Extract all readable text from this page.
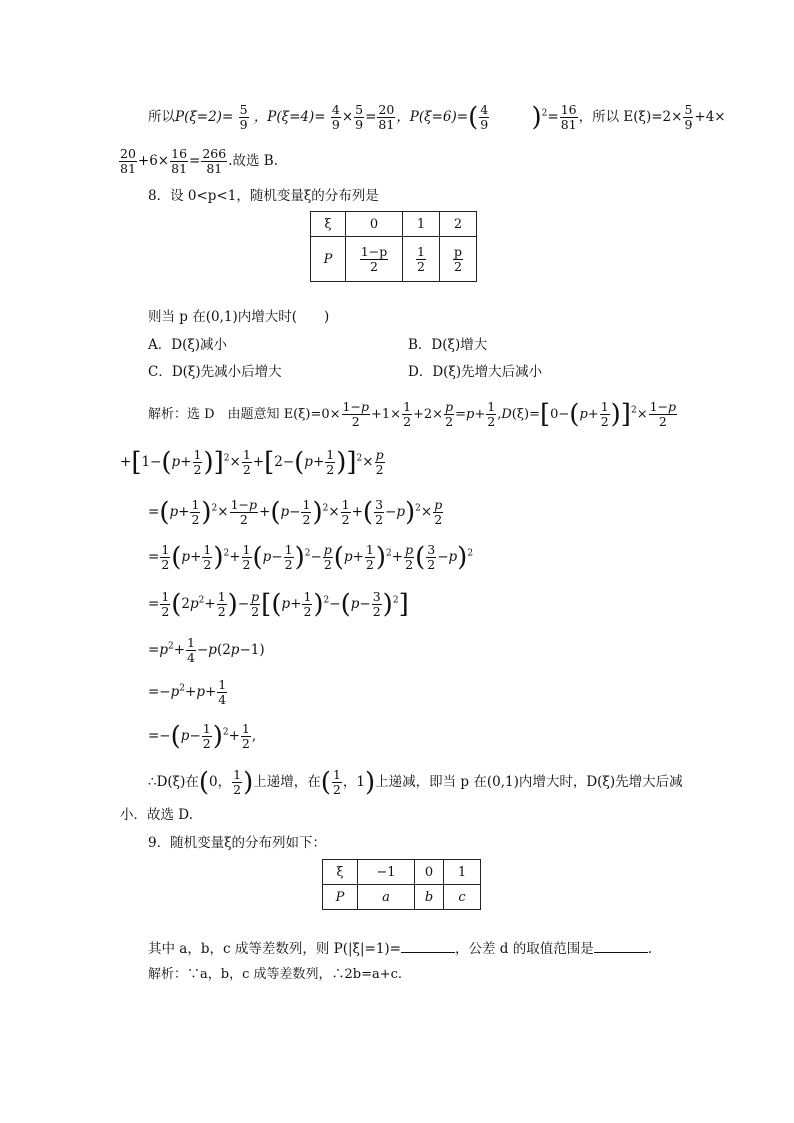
所以$P(\xi=2)= \frac{5}{9}$ ，$P(\xi=4)= \frac{4}{9} \times \frac{5}{9} = \frac{20}{81}$ ，$P(\xi=6)=( \frac{4}{9} )^2= \frac{16}{81}$ ，所以 $E(\xi)=2\times \frac{5}{9} +4\times$
$\frac{20}{81} +6\times \frac{16}{81} = \frac{266}{81}$ .故选 B.
8．设 0<p<1，随机变量ξ的分布列是
ξ	0	1	2
P	$\frac{1-p}{2}$	$\frac{1}{2}$	$\frac{p}{2}$
则当 p 在(0,1)内增大时(　　)
A．D(ξ)减小	B．D(ξ)增大
C．D(ξ)先减小后增大	D．D(ξ)先增大后减小
解析：选 D　由题意知 $E(\xi)=0\times \frac{1-p}{2} +1\times \frac{1}{2} +2\times \frac{p}{2} =p+ \frac{1}{2} ,D(\xi)=[0-(p+ \frac{1}{2} )]^2\times \frac{1-p}{2}$
$+[1-(p+ \frac{1}{2} )]^2\times \frac{1}{2} +[2-(p+ \frac{1}{2} )]^2\times \frac{p}{2}$
$=(p+ \frac{1}{2} )^2\times \frac{1-p}{2} +(p- \frac{1}{2} )^2\times \frac{1}{2}$ +( $\frac{3}{2} -p)^2\times \frac{p}{2}$
= $\frac{1}{2} (p+ \frac{1}{2} )^2+ \frac{1}{2} (p- \frac{1}{2} )^2- \frac{p}{2} (p+ \frac{1}{2} )^2+ \frac{p}{2}$ ( $\frac{3}{2} -p)^2$
= $\frac{1}{2} (2p^2+ \frac{1}{2}$ )− $\frac{p}{2} [(p+ \frac{1}{2} )^2-(p- \frac{3}{2} )^2]$
$=p^2+ \frac{1}{4} -p(2p-1)$
$=-p^2+p+ \frac{1}{4}$
$=-(p- \frac{1}{2} )^2+ \frac{1}{2}$ ,
∴D(ξ)在(0， $\frac{1}{2}$ )上递增，在( $\frac{1}{2}$ ，1)上递减，即当 p 在(0,1)内增大时，D(ξ)先增大后减
小．故选 D.
9．随机变量ξ的分布列如下：
ξ	−1	0	1
P	a	b	c
其中 a，b，c 成等差数列，则 P(|ξ|=1)=	，公差 d 的取值范围是	.
解析：∵a，b，c 成等差数列，∴2b=a+c.
